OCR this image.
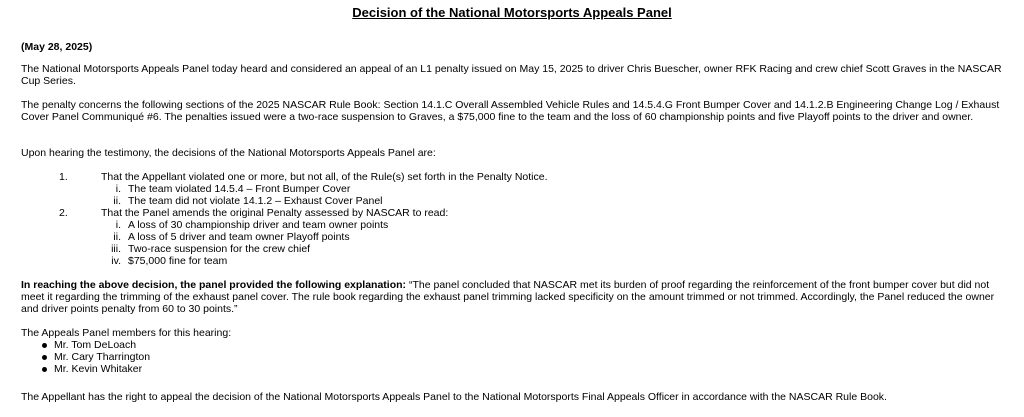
Decision of the National Motorsports Appeals Panel
(May 28, 2025)
The National Motorsports Appeals Panel today heard and considered an appeal of an L1 penalty issued on May 15, 2025 to driver Chris Buescher, owner RFK Racing and crew chief Scott Graves in the NASCAR Cup Series.
The penalty concerns the following sections of the 2025 NASCAR Rule Book: Section 14.1.C Overall Assembled Vehicle Rules and 14.5.4.G Front Bumper Cover and 14.1.2.B Engineering Change Log / Exhaust Cover Panel Communiqué #6. The penalties issued were a two-race suspension to Graves, a $75,000 fine to the team and the loss of 60 championship points and five Playoff points to the driver and owner.
Upon hearing the testimony, the decisions of the National Motorsports Appeals Panel are:
1.	That the Appellant violated one or more, but not all, of the Rule(s) set forth in the Penalty Notice.
i. The team violated 14.5.4 – Front Bumper Cover
ii. The team did not violate 14.1.2 – Exhaust Cover Panel
2.	That the Panel amends the original Penalty assessed by NASCAR to read:
i. A loss of 30 championship driver and team owner points
ii. A loss of 5 driver and team owner Playoff points
iii. Two-race suspension for the crew chief
iv. $75,000 fine for team
In reaching the above decision, the panel provided the following explanation: “The panel concluded that NASCAR met its burden of proof regarding the reinforcement of the front bumper cover but did not meet it regarding the trimming of the exhaust panel cover. The rule book regarding the exhaust panel trimming lacked specificity on the amount trimmed or not trimmed. Accordingly, the Panel reduced the owner and driver points penalty from 60 to 30 points.”
The Appeals Panel members for this hearing:
Mr. Tom DeLoach
Mr. Cary Tharrington
Mr. Kevin Whitaker
The Appellant has the right to appeal the decision of the National Motorsports Appeals Panel to the National Motorsports Final Appeals Officer in accordance with the NASCAR Rule Book.
